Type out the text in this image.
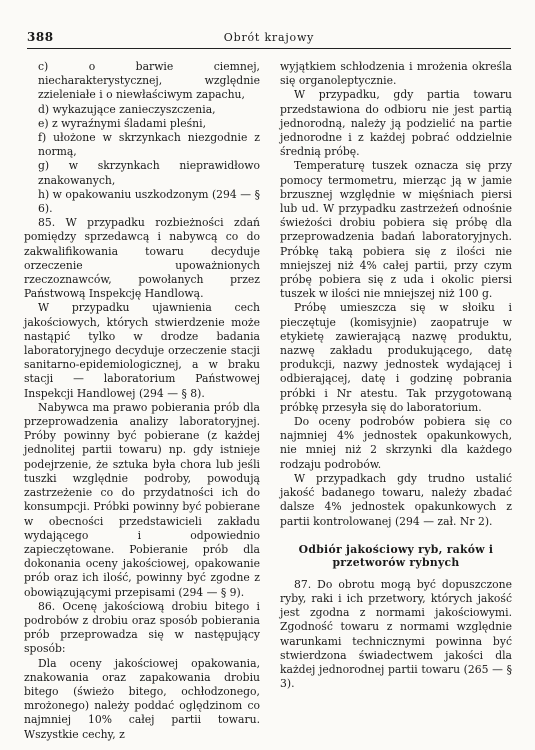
388	Obrót krajowy

c) o barwie ciemnej, niecharakterystycznej, względnie zzieleniałe i o niewłaściwym zapachu,

d) wykazujące zanieczyszczenia,

e) z wyraźnymi śladami pleśni,

f) ułożone w skrzynkach niezgodnie z normą,

g) w skrzynkach nieprawidłowo znakowanych,

h) w opakowaniu uszkodzonym (294 — § 6).

85. W przypadku rozbieżności zdań pomiędzy sprzedawcą i nabywcą co do zakwalifikowania towaru decyduje orzeczenie upoważnionych rzeczoznawców, powołanych przez Państwową Inspekcję Handlową.

W przypadku ujawnienia cech jakościowych, których stwierdzenie może nastąpić tylko w drodze badania laboratoryjnego decyduje orzeczenie stacji sanitarno-epidemiologicznej, a w braku stacji — laboratorium Państwowej Inspekcji Handlowej (294 — § 8).

Nabywca ma prawo pobierania prób dla przeprowadzenia analizy laboratoryjnej. Próby powinny być pobierane (z każdej jednolitej partii towaru) np. gdy istnieje podejrzenie, że sztuka była chora lub jeśli tuszki względnie podroby, powodują zastrzeżenie co do przydatności ich do konsumpcji. Próbki powinny być pobierane w obecności przedstawicieli zakładu wydającego i odpowiednio zapieczętowane. Pobieranie prób dla dokonania oceny jakościowej, opakowanie prób oraz ich ilość, powinny być zgodne z obowiązującymi przepisami (294 — § 9).

86. Ocenę jakościową drobiu bitego i podrobów z drobiu oraz sposób pobierania prób przeprowadza się w następujący sposób:

Dla oceny jakościowej opakowania, znakowania oraz zapakowania drobiu bitego (świeżo bitego, ochłodzonego, mrożonego) należy poddać oględzinom co najmniej 10% całej partii towaru. Wszystkie cechy, z

wyjątkiem schłodzenia i mrożenia określa się organoleptycznie.

W przypadku, gdy partia towaru przedstawiona do odbioru nie jest partią jednorodną, należy ją podzielić na partie jednorodne i z każdej pobrać oddzielnie średnią próbę.

Temperaturę tuszek oznacza się przy pomocy termometru, mierząc ją w jamie brzusznej względnie w mięśniach piersi lub ud. W przypadku zastrzeżeń odnośnie świeżości drobiu pobiera się próbę dla przeprowadzenia badań laboratoryjnych. Próbkę taką pobiera się z ilości nie mniejszej niż 4% całej partii, przy czym próbę pobiera się z uda i okolic piersi tuszek w ilości nie mniejszej niż 100 g.

Próbę umieszcza się w słoiku i pieczętuje (komisyjnie) zaopatruje w etykietę zawierającą nazwę produktu, nazwę zakładu produkującego, datę produkcji, nazwy jednostek wydającej i odbierającej, datę i godzinę pobrania próbki i Nr atestu. Tak przygotowaną próbkę przesyła się do laboratorium.

Do oceny podrobów pobiera się co najmniej 4% jednostek opakunkowych, nie mniej niż 2 skrzynki dla każdego rodzaju podrobów.

W przypadkach gdy trudno ustalić jakość badanego towaru, należy zbadać dalsze 4% jednostek opakunkowych z partii kontrolowanej (294 — zał. Nr 2).

Odbiór jakościowy ryb, raków i przetworów rybnych

87. Do obrotu mogą być dopuszczone ryby, raki i ich przetwory, których jakość jest zgodna z normami jakościowymi. Zgodność towaru z normami względnie warunkami technicznymi powinna być stwierdzona świadectwem jakości dla każdej jednorodnej partii towaru (265 — § 3).
